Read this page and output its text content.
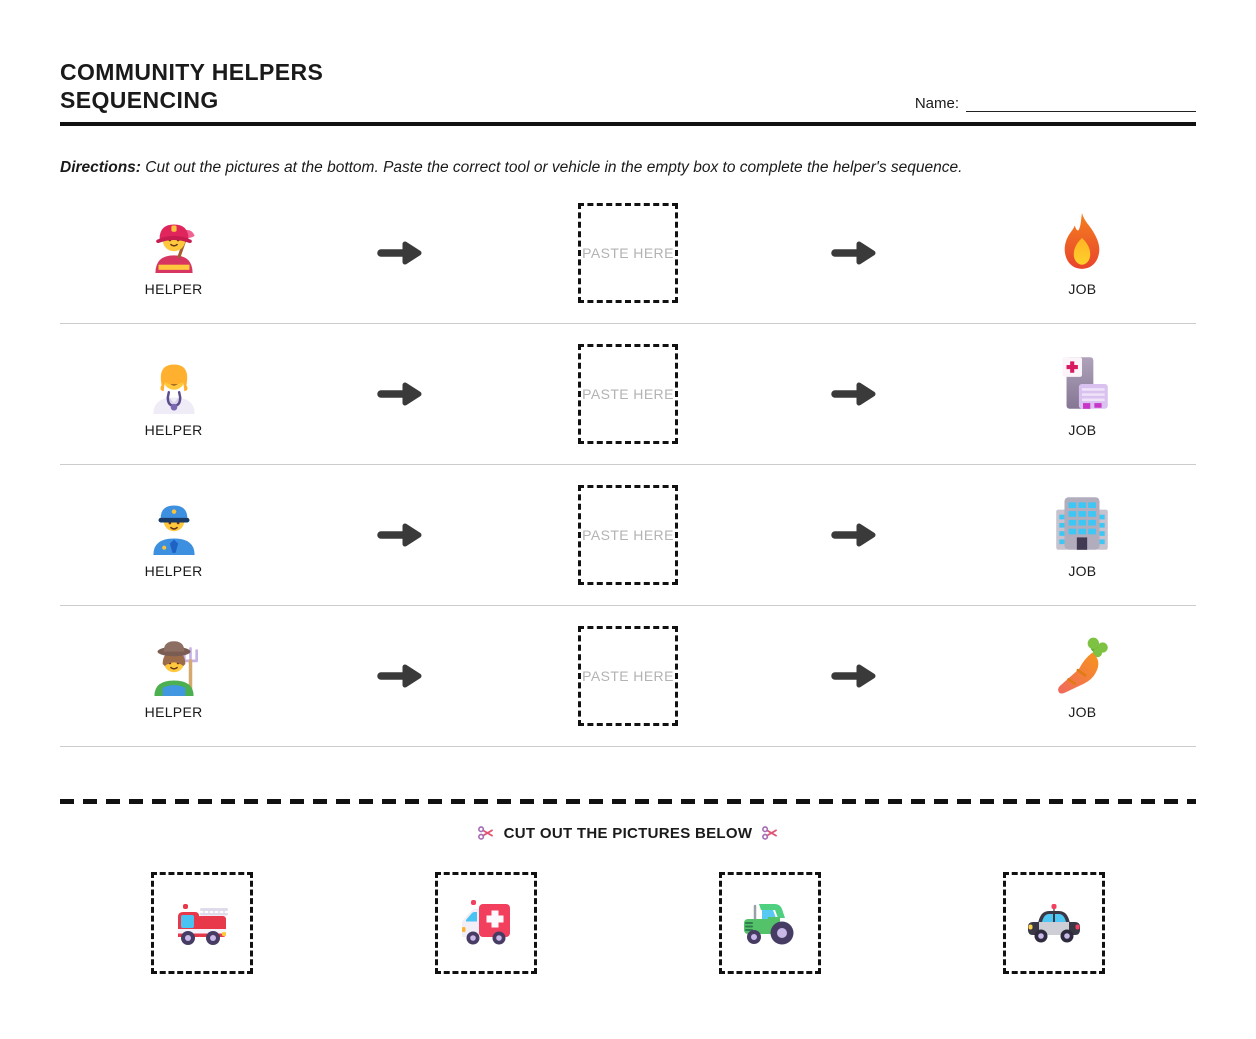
COMMUNITY HELPERS
SEQUENCING	Name:

Directions: Cut out the pictures at the bottom. Paste the correct tool or vehicle in the empty box to complete the helper's sequence.

HELPER
PASTE HERE
JOB
HELPER
PASTE HERE
JOB
HELPER
PASTE HERE
JOB
HELPER
PASTE HERE
JOB
CUT OUT THE PICTURES BELOW
